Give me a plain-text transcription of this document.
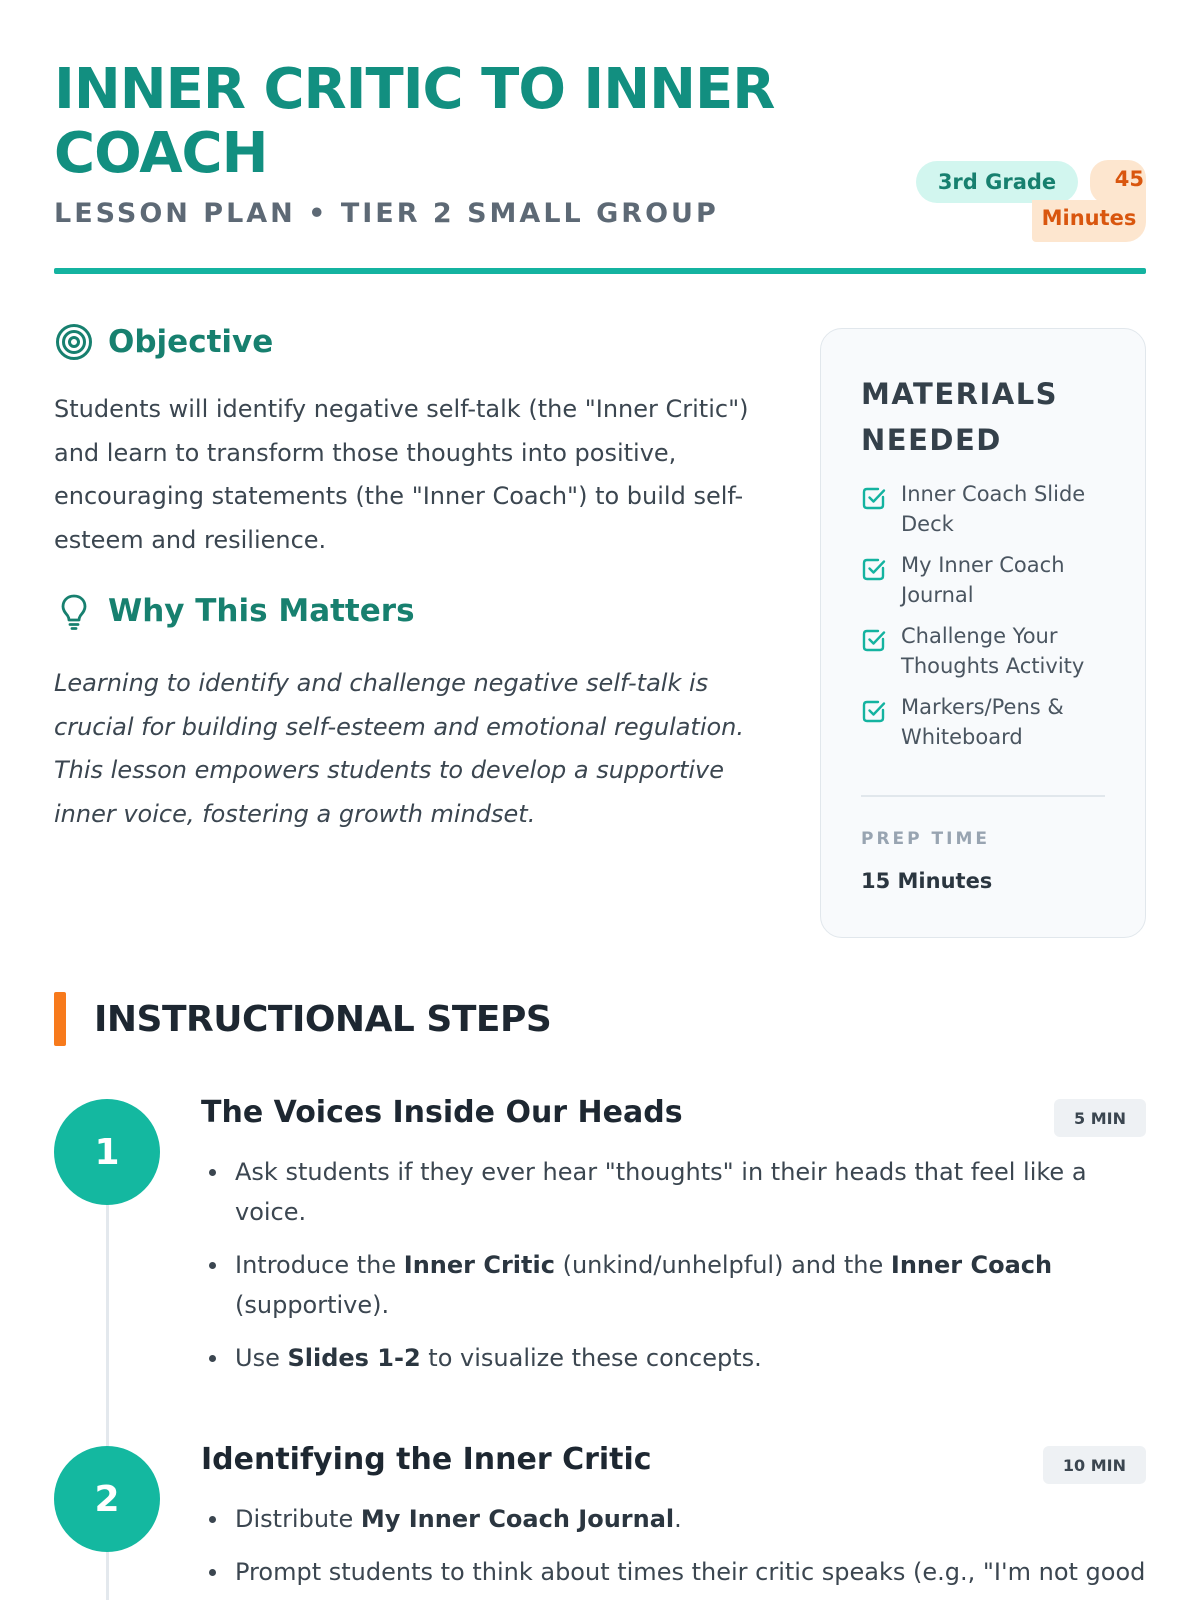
INNER CRITIC TO INNER COACH
LESSON PLAN • TIER 2 SMALL GROUP
3rd Grade	45
Minutes
Objective

Students will identify negative self-talk (the "Inner Critic") and learn to transform those thoughts into positive, encouraging statements (the "Inner Coach") to build self-esteem and resilience.

Why This Matters

Learning to identify and challenge negative self-talk is crucial for building self-esteem and emotional regulation. This lesson empowers students to develop a supportive inner voice, fostering a growth mindset.

MATERIALS NEEDED
Inner Coach Slide Deck
My Inner Coach Journal
Challenge Your Thoughts Activity
Markers/Pens & Whiteboard
PREP TIME
15 Minutes
INSTRUCTIONAL STEPS
1
The Voices Inside Our Heads	5 MIN
Ask students if they ever hear "thoughts" in their heads that feel like a voice.
Introduce the Inner Critic (unkind/unhelpful) and the Inner Coach (supportive).
Use Slides 1-2 to visualize these concepts.
2
Identifying the Inner Critic	10 MIN
Distribute My Inner Coach Journal.
Prompt students to think about times their critic speaks (e.g., "I'm not good
